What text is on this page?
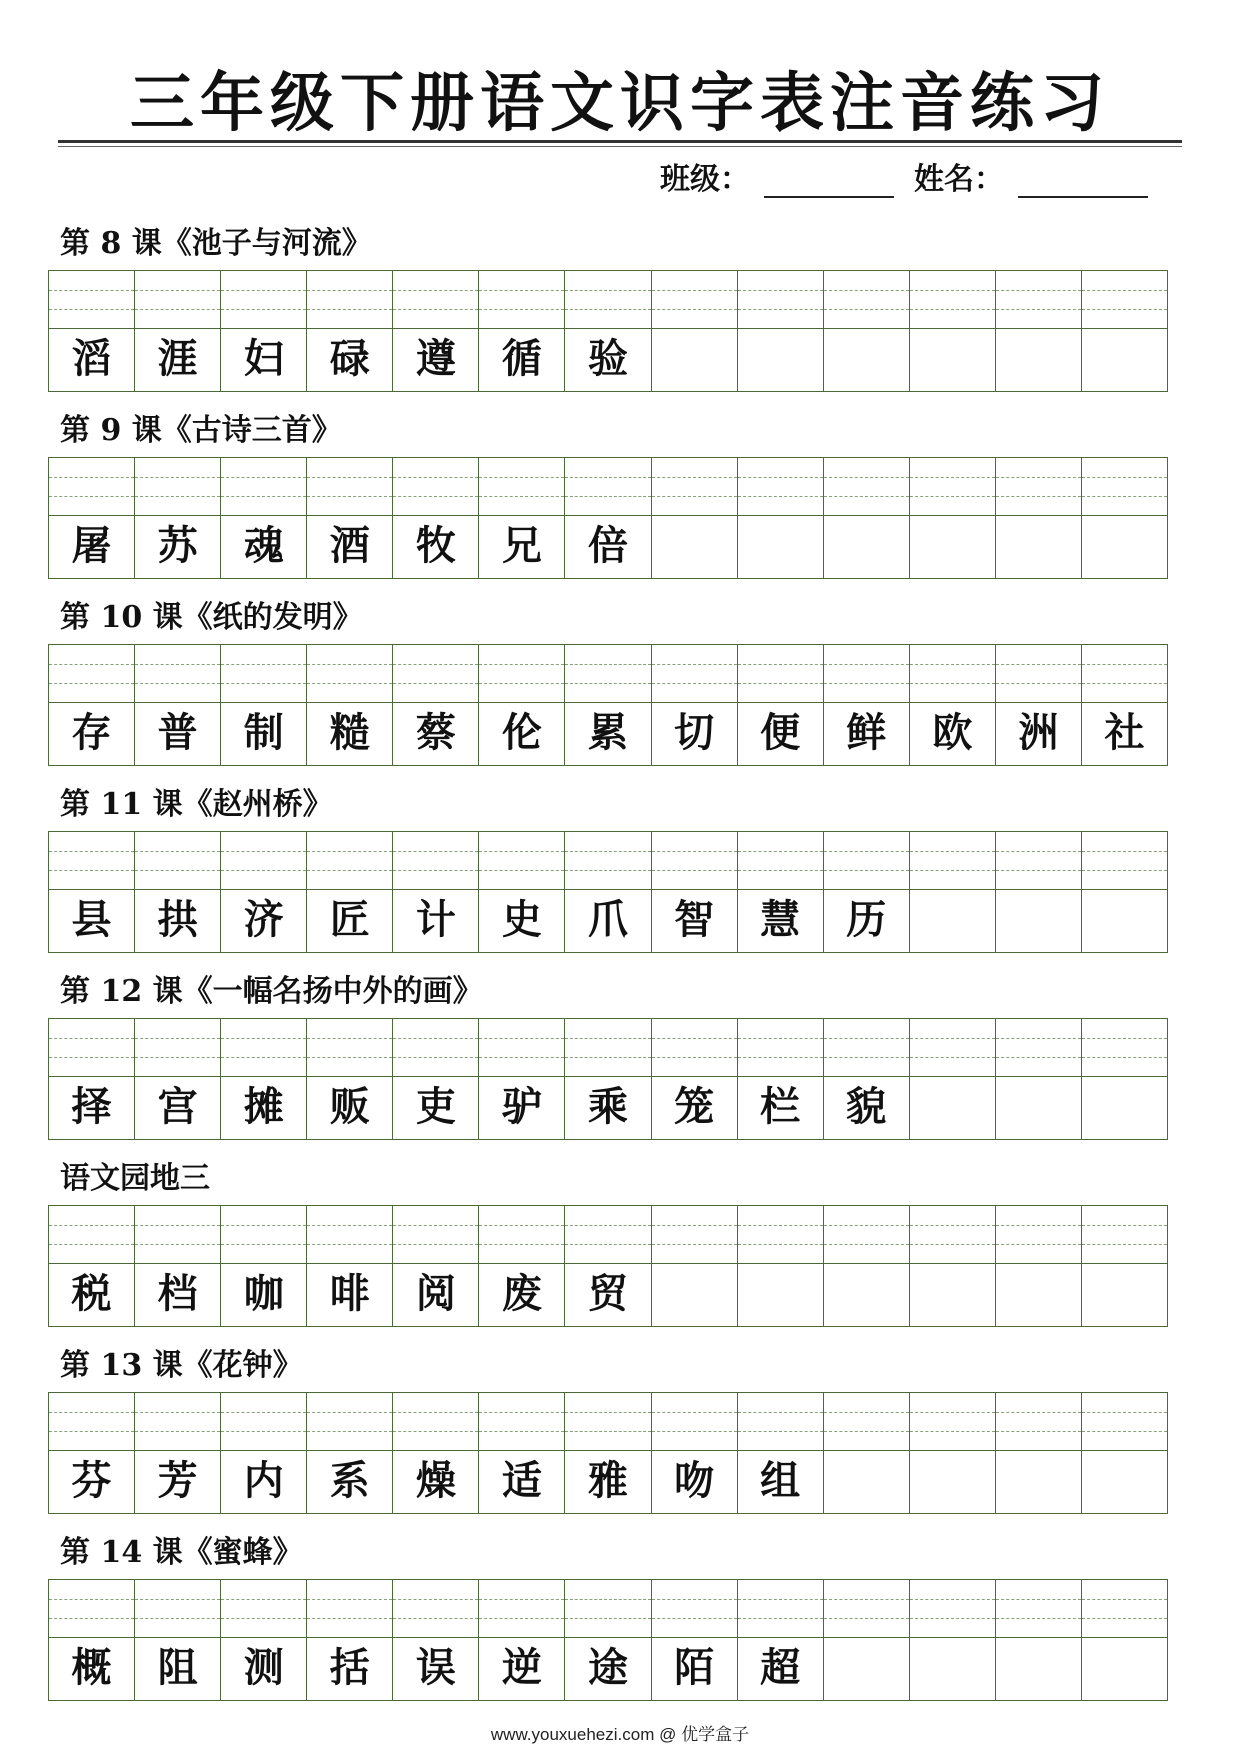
三年级下册语文识字表注音练习
班级：	姓名：
第 8 课《池子与河流》
滔	涯	妇	碌	遵	循	验
第 9 课《古诗三首》
屠	苏	魂	酒	牧	兄	倍
第 10 课《纸的发明》
存	普	制	糙	蔡	伦	累	切	便	鲜	欧	洲	社
第 11 课《赵州桥》
县	拱	济	匠	计	史	爪	智	慧	历
第 12 课《一幅名扬中外的画》
择	宫	摊	贩	吏	驴	乘	笼	栏	貌
语文园地三
税	档	咖	啡	阅	废	贸
第 13 课《花钟》
芬	芳	内	系	燥	适	雅	吻	组
第 14 课《蜜蜂》
概	阻	测	括	误	逆	途	陌	超
www.youxuehezi.com @ 优学盒子
